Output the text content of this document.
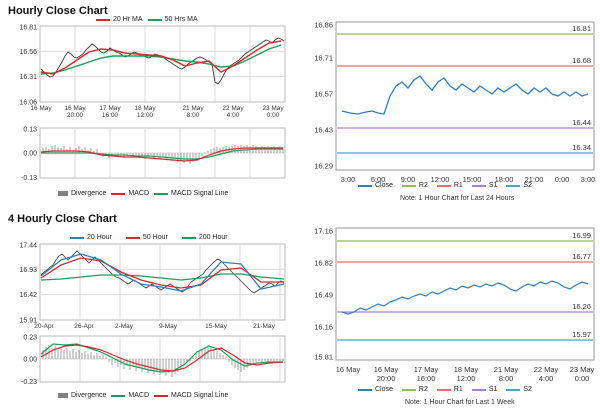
Hourly Close Chart
20 Hr MA	50 Hrs MA
16.06
16.31
16.56
16.81
16 May 16 May
20:00
17 May
16:00
18 May
12:00
21 May
8:00
22 May
4:00
23 May
0:00
0.13
0.00
-0.13
Divergence	MACD	MACD Signal Line
16.86
16.71
16.57
16.43
16.29
16.81
16.68
16.44
16.34
3:00 6:00 9:00 12:00 15:00 18:00 21:00 0:00 3:00
Close	R2	R1	S1	S2
Note: 1 Hour Chart for Last 24 Hours
4 Hourly Close Chart
20 Hour	50 Hour	200 Hour
17.44
16.93
16.42
15.91
20-Apr	26-Apr	2-May	9-May	15-May	21-May
0.23
0.00
-0.23
Divergence	MACD	MACD Signal Line
17.16
16.82
16.49
16.16
15.81
16.99
16.77
16.26
15.97
16 May 16 May
20:00
17 May
16:00
18 May
12:00
21 May
8:00
22 May
4:00
23 May
0:00
Close	R2	R1	S1	S2
Note: 1 Hour Chart for Last 1 Week
